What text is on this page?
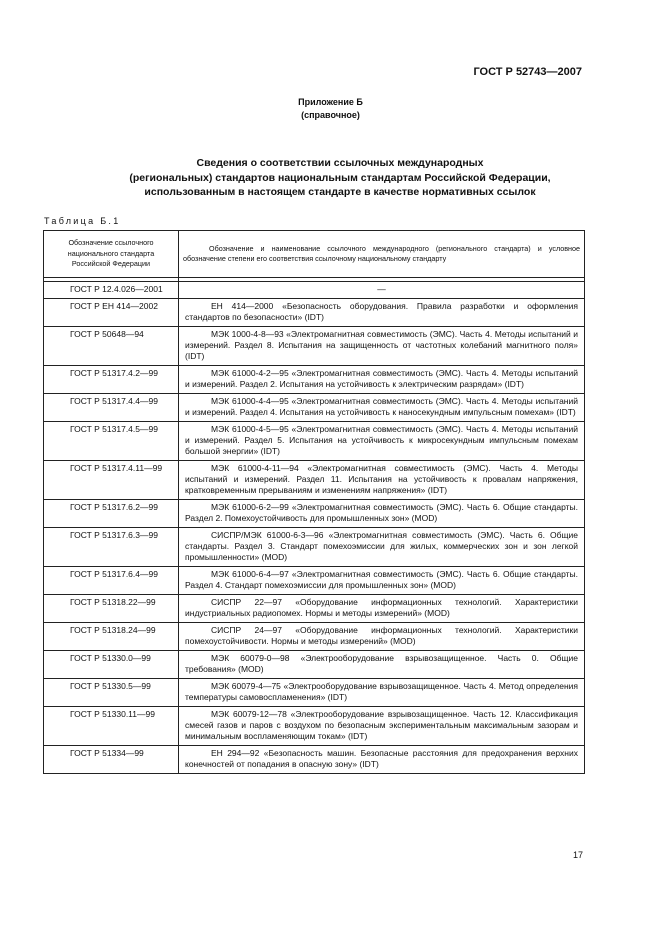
ГОСТ Р 52743—2007
Приложение Б
(справочное)
Сведения о соответствии ссылочных международных
(региональных) стандартов национальным стандартам Российской Федерации,
использованным в настоящем стандарте в качестве нормативных ссылок
Таблица Б.1
Обозначение ссылочного национального стандарта Российской Федерации	Обозначение и наименование ссылочного международного (регионального стандарта) и условное обозначение степени его соответствия ссылочному национальному стандарту

ГОСТ Р 12.4.026—2001	—
ГОСТ Р ЕН 414—2002	ЕН 414—2000 «Безопасность оборудования. Правила разработки и оформления стандартов по безопасности» (IDT)
ГОСТ Р 50648—94	МЭК 1000-4-8—93 «Электромагнитная совместимость (ЭМС). Часть 4. Методы испытаний и измерений. Раздел 8. Испытания на защищенность от частотных колебаний магнитного поля» (IDT)
ГОСТ Р 51317.4.2—99	МЭК 61000-4-2—95 «Электромагнитная совместимость (ЭМС). Часть 4. Методы испытаний и измерений. Раздел 2. Испытания на устойчивость к электрическим разрядам» (IDT)
ГОСТ Р 51317.4.4—99	МЭК 61000-4-4—95 «Электромагнитная совместимость (ЭМС). Часть 4. Методы испытаний и измерений. Раздел 4. Испытания на устойчивость к наносекундным импульсным помехам» (IDT)
ГОСТ Р 51317.4.5—99	МЭК 61000-4-5—95 «Электромагнитная совместимость (ЭМС). Часть 4. Методы испытаний и измерений. Раздел 5. Испытания на устойчивость к микросекундным импульсным помехам большой энергии» (IDT)
ГОСТ Р 51317.4.11—99	МЭК 61000-4-11—94 «Электромагнитная совместимость (ЭМС). Часть 4. Методы испытаний и измерений. Раздел 11. Испытания на устойчивость к провалам напряжения, кратковременным прерываниям и изменениям напряжения» (IDT)
ГОСТ Р 51317.6.2—99	МЭК 61000-6-2—99 «Электромагнитная совместимость (ЭМС). Часть 6. Общие стандарты. Раздел 2. Помехоустойчивость для промышленных зон» (MOD)
ГОСТ Р 51317.6.3—99	СИСПР/МЭК 61000-6-3—96 «Электромагнитная совместимость (ЭМС). Часть 6. Общие стандарты. Раздел 3. Стандарт помехоэмиссии для жилых, коммерческих зон и зон легкой промышленности» (MOD)
ГОСТ Р 51317.6.4—99	МЭК 61000-6-4—97 «Электромагнитная совместимость (ЭМС). Часть 6. Общие стандарты. Раздел 4. Стандарт помехоэмиссии для промышленных зон» (MOD)
ГОСТ Р 51318.22—99	СИСПР 22—97 «Оборудование информационных технологий. Характеристики индустриальных радиопомех. Нормы и методы измерений» (MOD)
ГОСТ Р 51318.24—99	СИСПР 24—97 «Оборудование информационных технологий. Характеристики помехоустойчивости. Нормы и методы измерений» (MOD)
ГОСТ Р 51330.0—99	МЭК 60079-0—98 «Электрооборудование взрывозащищенное. Часть 0. Общие требования» (MOD)
ГОСТ Р 51330.5—99	МЭК 60079-4—75 «Электрооборудование взрывозащищенное. Часть 4. Метод определения температуры самовоспламенения» (IDT)
ГОСТ Р 51330.11—99	МЭК 60079-12—78 «Электрооборудование взрывозащищенное. Часть 12. Классификация смесей газов и паров с воздухом по безопасным экспериментальным максимальным зазорам и минимальным воспламеняющим токам» (IDT)
ГОСТ Р 51334—99	ЕН 294—92 «Безопасность машин. Безопасные расстояния для предохранения верхних конечностей от попадания в опасную зону» (IDT)
17
